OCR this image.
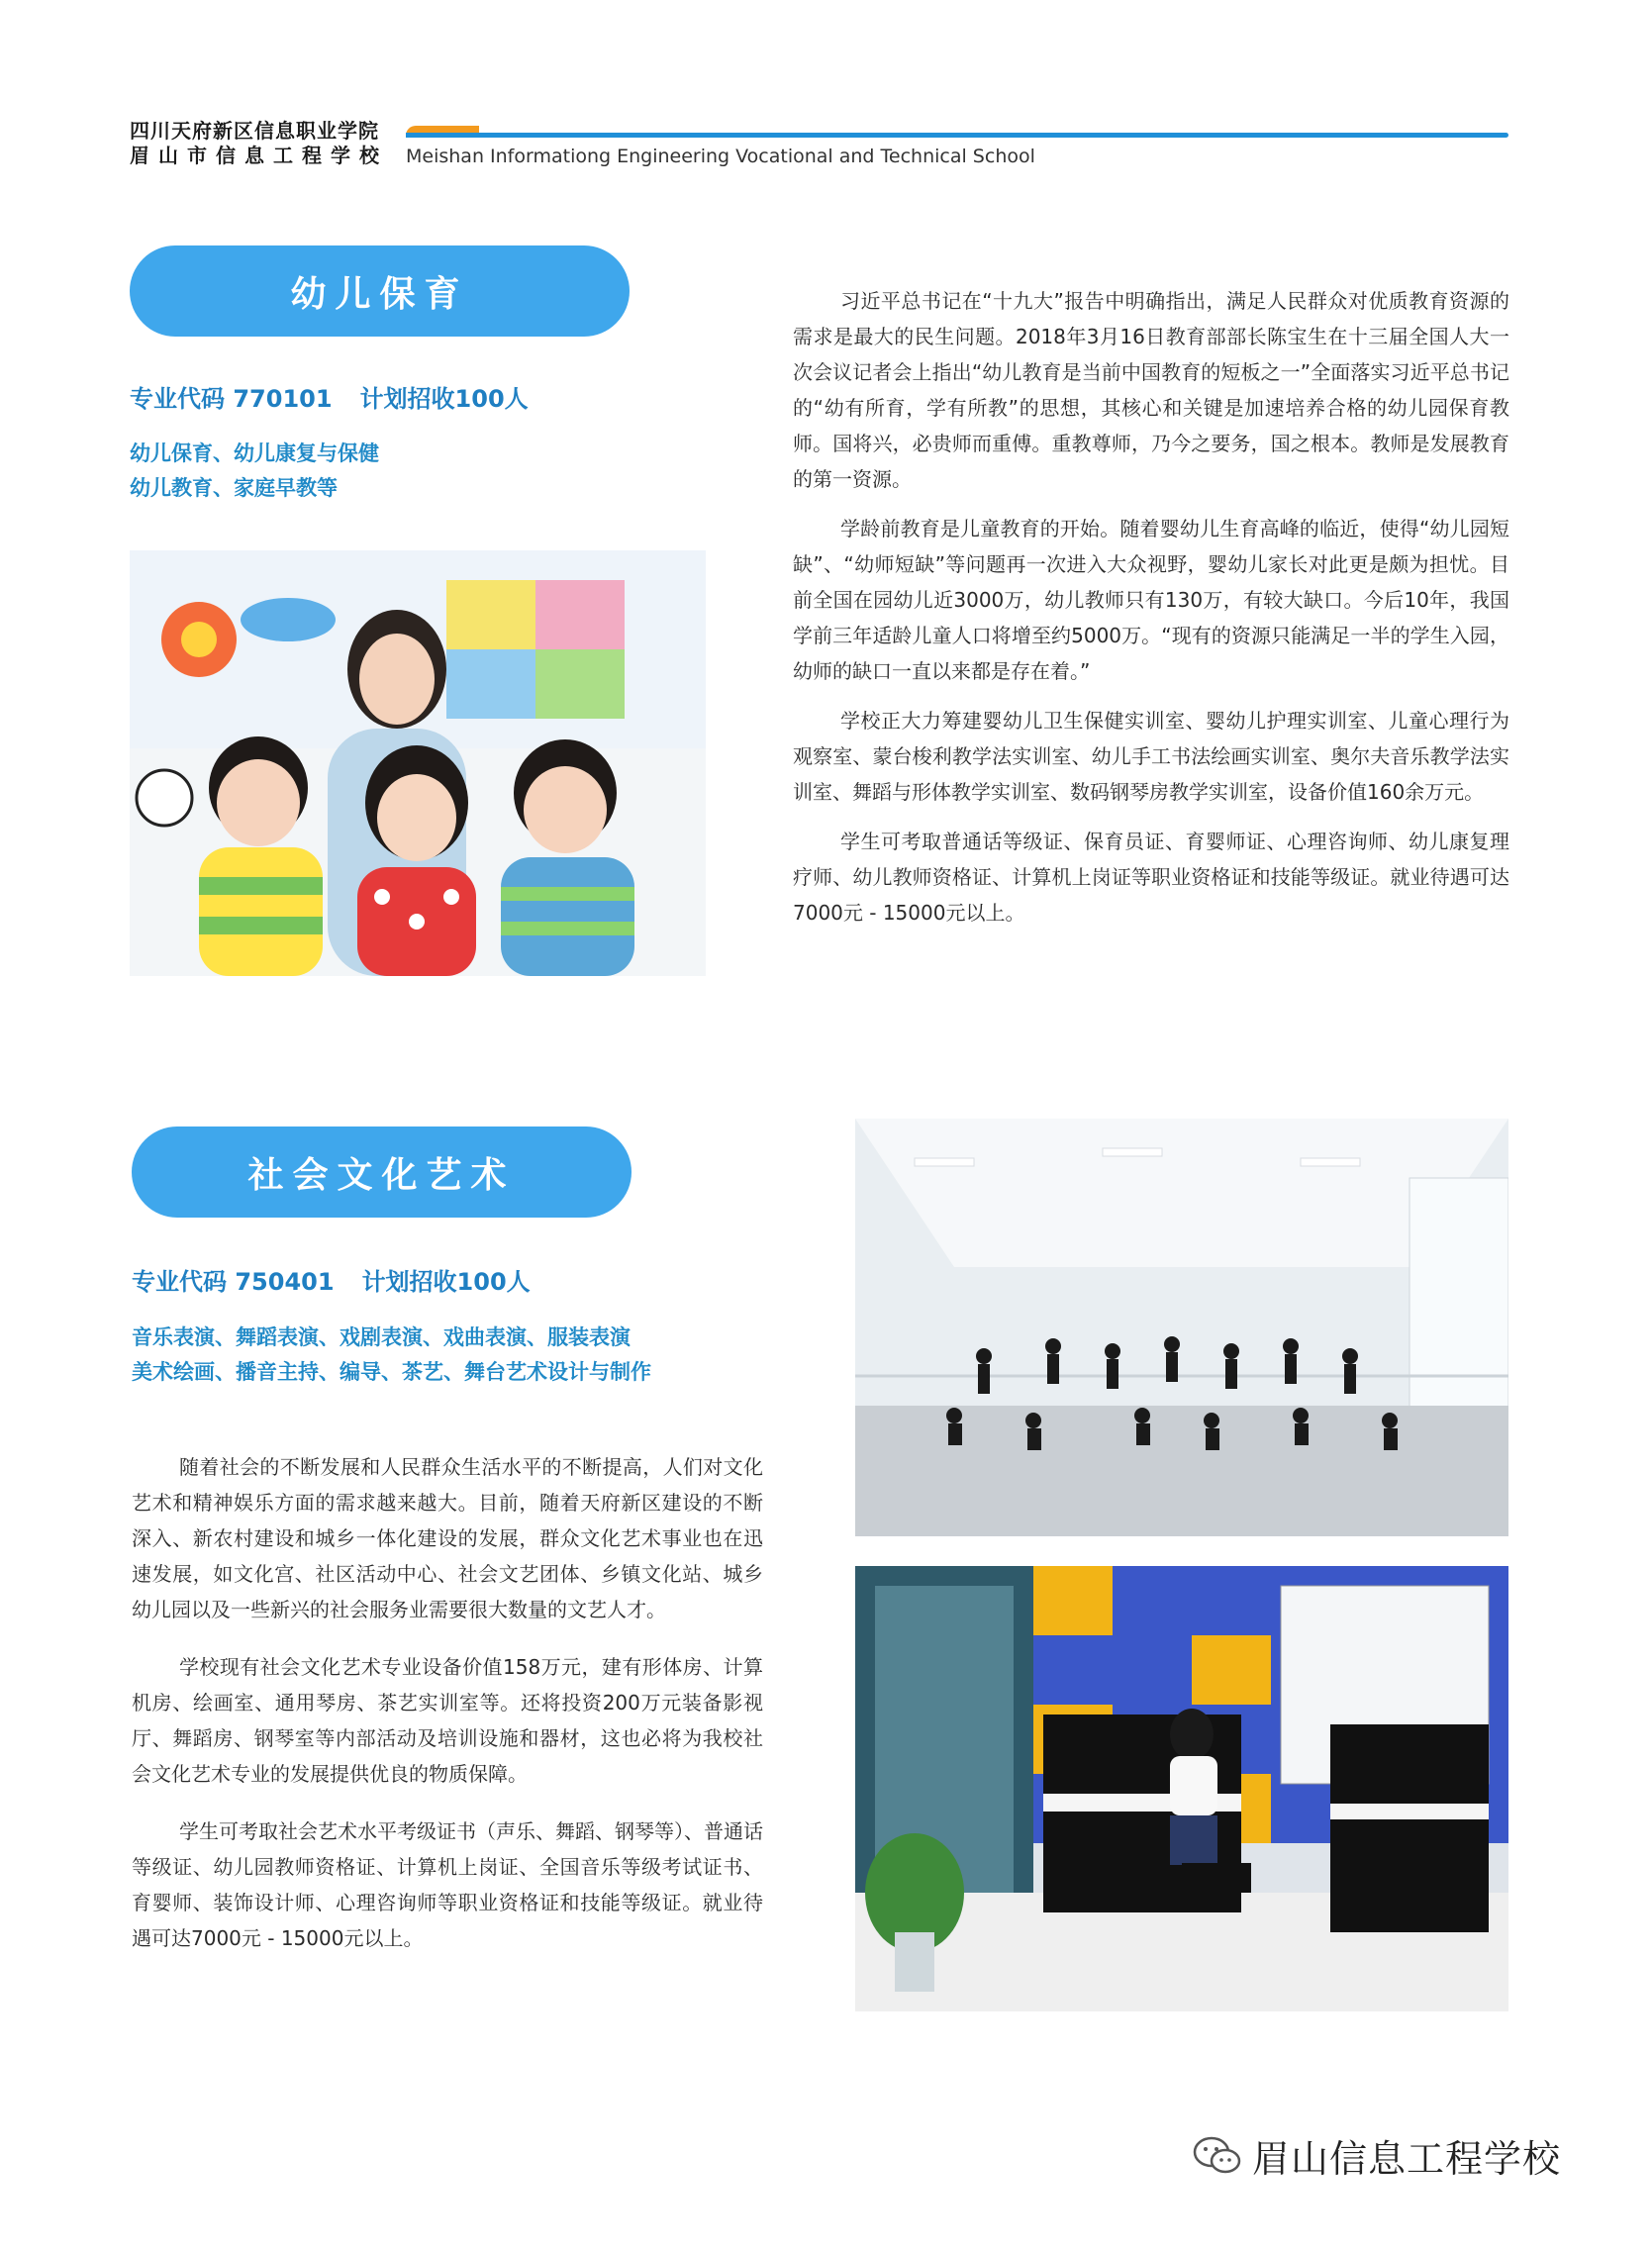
四川天府新区信息职业学院
眉山市信息工程学校 Meishan Informationg Engineering Vocational and Technical School
幼儿保育
专业代码 770101 计划招收100人
幼儿保育、幼儿康复与保健
幼儿教育、家庭早教等

习近平总书记在“十九大”报告中明确指出，满足人民群众对优质教育资源的需求是最大的民生问题。2018年3月16日教育部部长陈宝生在十三届全国人大一次会议记者会上指出“幼儿教育是当前中国教育的短板之一”全面落实习近平总书记的“幼有所育，学有所教”的思想，其核心和关键是加速培养合格的幼儿园保育教师。国将兴，必贵师而重傅。重教尊师，乃今之要务，国之根本。教师是发展教育的第一资源。

学龄前教育是儿童教育的开始。随着婴幼儿生育高峰的临近，使得“幼儿园短缺”、“幼师短缺”等问题再一次进入大众视野，婴幼儿家长对此更是颇为担忧。目前全国在园幼儿近3000万，幼儿教师只有130万，有较大缺口。今后10年，我国学前三年适龄儿童人口将增至约5000万。“现有的资源只能满足一半的学生入园，幼师的缺口一直以来都是存在着。”

学校正大力筹建婴幼儿卫生保健实训室、婴幼儿护理实训室、儿童心理行为观察室、蒙台梭利教学法实训室、幼儿手工书法绘画实训室、奥尔夫音乐教学法实训室、舞蹈与形体教学实训室、数码钢琴房教学实训室，设备价值160余万元。

学生可考取普通话等级证、保育员证、育婴师证、心理咨询师、幼儿康复理疗师、幼儿教师资格证、计算机上岗证等职业资格证和技能等级证。就业待遇可达7000元 - 15000元以上。

社会文化艺术
专业代码 750401 计划招收100人
音乐表演、舞蹈表演、戏剧表演、戏曲表演、服装表演
美术绘画、播音主持、编导、茶艺、舞台艺术设计与制作

随着社会的不断发展和人民群众生活水平的不断提高，人们对文化艺术和精神娱乐方面的需求越来越大。目前，随着天府新区建设的不断深入、新农村建设和城乡一体化建设的发展，群众文化艺术事业也在迅速发展，如文化宫、社区活动中心、社会文艺团体、乡镇文化站、城乡幼儿园以及一些新兴的社会服务业需要很大数量的文艺人才。

学校现有社会文化艺术专业设备价值158万元，建有形体房、计算机房、绘画室、通用琴房、茶艺实训室等。还将投资200万元装备影视厅、舞蹈房、钢琴室等内部活动及培训设施和器材，这也必将为我校社会文化艺术专业的发展提供优良的物质保障。

学生可考取社会艺术水平考级证书（声乐、舞蹈、钢琴等）、普通话等级证、幼儿园教师资格证、计算机上岗证、全国音乐等级考试证书、育婴师、装饰设计师、心理咨询师等职业资格证和技能等级证。就业待遇可达7000元 - 15000元以上。

眉山信息工程学校
